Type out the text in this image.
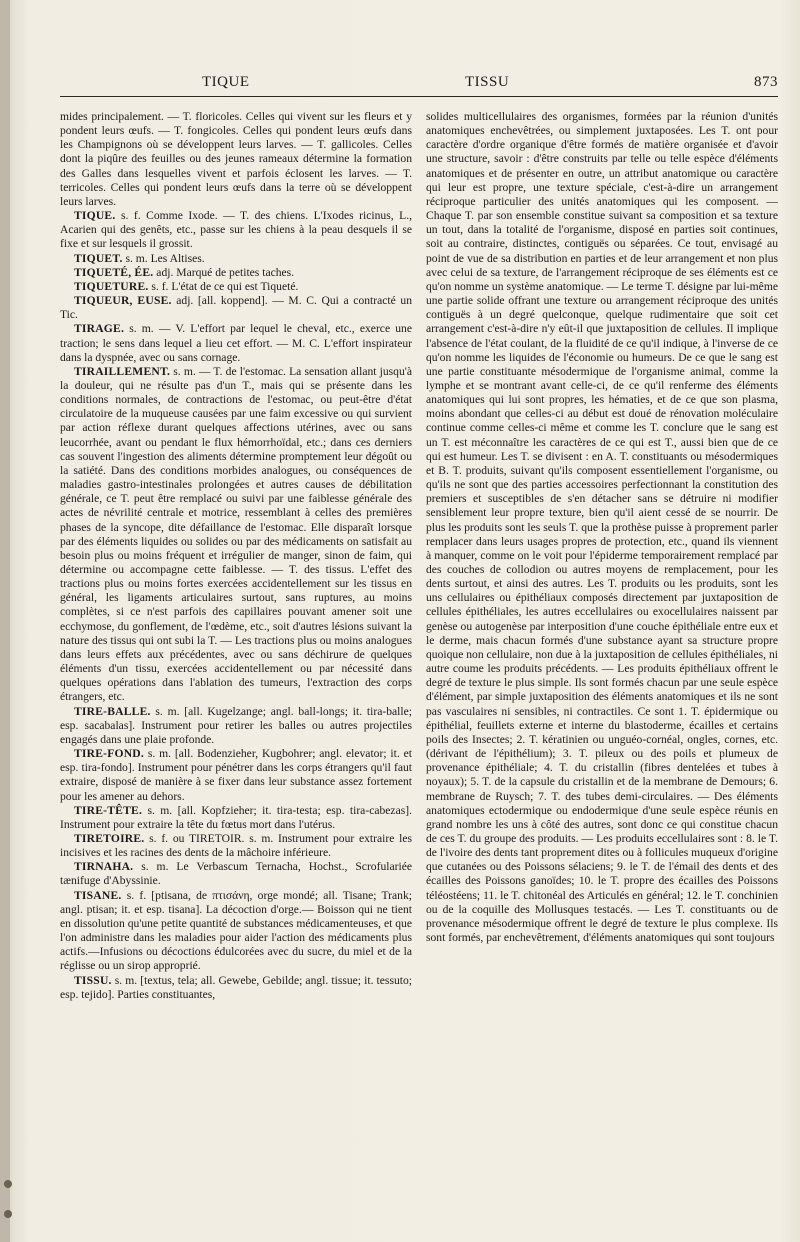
TIQUE	TISSU	873

mides principalement. — T. floricoles. Celles qui vivent sur les fleurs et y pondent leurs œufs. — T. fongicoles. Celles qui pondent leurs œufs dans les Champignons où se développent leurs larves. — T. gallicoles. Celles dont la piqûre des feuilles ou des jeunes rameaux détermine la formation des Galles dans lesquelles vivent et parfois éclosent les larves. — T. terricoles. Celles qui pondent leurs œufs dans la terre où se développent leurs larves.

TIQUE. s. f. Comme Ixode. — T. des chiens. L'Ixodes ricinus, L., Acarien qui des genêts, etc., passe sur les chiens à la peau desquels il se fixe et sur lesquels il grossit.

TIQUET. s. m. Les Altises.

TIQUETÉ, ÉE. adj. Marqué de petites taches.

TIQUETURE. s. f. L'état de ce qui est Tiqueté.

TIQUEUR, EUSE. adj. [all. koppend]. — M. C. Qui a contracté un Tic.

TIRAGE. s. m. — V. L'effort par lequel le cheval, etc., exerce une traction; le sens dans lequel a lieu cet effort. — M. C. L'effort inspirateur dans la dyspnée, avec ou sans cornage.

TIRAILLEMENT. s. m. — T. de l'estomac. La sensation allant jusqu'à la douleur, qui ne résulte pas d'un T., mais qui se présente dans les conditions normales, de contractions de l'estomac, ou peut-être d'état circulatoire de la muqueuse causées par une faim excessive ou qui survient par action réflexe durant quelques affections utérines, avec ou sans leucorrhée, avant ou pendant le flux hémorrhoïdal, etc.; dans ces derniers cas souvent l'ingestion des aliments détermine promptement leur dégoût ou la satiété. Dans des conditions morbides analogues, ou conséquences de maladies gastro-intestinales prolongées et autres causes de débilitation générale, ce T. peut être remplacé ou suivi par une faiblesse générale des actes de névrilité centrale et motrice, ressemblant à celles des premières phases de la syncope, dite défaillance de l'estomac. Elle disparaît lorsque par des éléments liquides ou solides ou par des médicaments on satisfait au besoin plus ou moins fréquent et irrégulier de manger, sinon de faim, qui détermine ou accompagne cette faiblesse. — T. des tissus. L'effet des tractions plus ou moins fortes exercées accidentellement sur les tissus en général, les ligaments articulaires surtout, sans ruptures, au moins complètes, si ce n'est parfois des capillaires pouvant amener soit une ecchymose, du gonflement, de l'œdème, etc., soit d'autres lésions suivant la nature des tissus qui ont subi la T. — Les tractions plus ou moins analogues dans leurs effets aux précédentes, avec ou sans déchirure de quelques éléments d'un tissu, exercées accidentellement ou par nécessité dans quelques opérations dans l'ablation des tumeurs, l'extraction des corps étrangers, etc.

TIRE-BALLE. s. m. [all. Kugelzange; angl. ball-longs; it. tira-balle; esp. sacabalas]. Instrument pour retirer les balles ou autres projectiles engagés dans une plaie profonde.

TIRE-FOND. s. m. [all. Bodenzieher, Kugbohrer; angl. elevator; it. et esp. tira-fondo]. Instrument pour pénétrer dans les corps étrangers qu'il faut extraire, disposé de manière à se fixer dans leur substance assez fortement pour les amener au dehors.

TIRE-TÊTE. s. m. [all. Kopfzieher; it. tira-testa; esp. tira-cabezas]. Instrument pour extraire la tête du fœtus mort dans l'utérus.

TIRETOIRE. s. f. ou TIRETOIR. s. m. Instrument pour extraire les incisives et les racines des dents de la mâchoire inférieure.

TIRNAHA. s. m. Le Verbascum Ternacha, Hochst., Scrofulariée tænifuge d'Abyssinie.

TISANE. s. f. [ptisana, de πτισάνη, orge mondé; all. Tisane; Trank; angl. ptisan; it. et esp. tisana]. La décoction d'orge.— Boisson qui ne tient en dissolution qu'une petite quantité de substances médicamenteuses, et que l'on administre dans les maladies pour aider l'action des médicaments plus actifs.—Infusions ou décoctions édulcorées avec du sucre, du miel et de la réglisse ou un sirop approprié.

TISSU. s. m. [textus, tela; all. Gewebe, Gebilde; angl. tissue; it. tessuto; esp. tejido]. Parties constituantes,

solides multicellulaires des organismes, formées par la réunion d'unités anatomiques enchevêtrées, ou simplement juxtaposées. Les T. ont pour caractère d'ordre organique d'être formés de matière organisée et d'avoir une structure, savoir : d'être construits par telle ou telle espèce d'éléments anatomiques et de présenter en outre, un attribut anatomique ou caractère qui leur est propre, une texture spéciale, c'est-à-dire un arrangement réciproque particulier des unités anatomiques qui les composent. — Chaque T. par son ensemble constitue suivant sa composition et sa texture un tout, dans la totalité de l'organisme, disposé en parties soit continues, soit au contraire, distinctes, contiguës ou séparées. Ce tout, envisagé au point de vue de sa distribution en parties et de leur arrangement et non plus avec celui de sa texture, de l'arrangement réciproque de ses éléments est ce qu'on nomme un système anatomique. — Le terme T. désigne par lui-même une partie solide offrant une texture ou arrangement réciproque des unités contiguës à un degré quelconque, quelque rudimentaire que soit cet arrangement c'est-à-dire n'y eût-il que juxtaposition de cellules. Il implique l'absence de l'état coulant, de la fluidité de ce qu'il indique, à l'inverse de ce qu'on nomme les liquides de l'économie ou humeurs. De ce que le sang est une partie constituante mésodermique de l'organisme animal, comme la lymphe et se montrant avant celle-ci, de ce qu'il renferme des éléments anatomiques qui lui sont propres, les hématies, et de ce que son plasma, moins abondant que celles-ci au début est doué de rénovation moléculaire continue comme celles-ci même et comme les T. conclure que le sang est un T. est méconnaître les caractères de ce qui est T., aussi bien que de ce qui est humeur. Les T. se divisent : en A. T. constituants ou mésodermiques et B. T. produits, suivant qu'ils composent essentiellement l'organisme, ou qu'ils ne sont que des parties accessoires perfectionnant la constitution des premiers et susceptibles de s'en détacher sans se détruire ni modifier sensiblement leur propre texture, bien qu'il aient cessé de se nourrir. De plus les produits sont les seuls T. que la prothèse puisse à proprement parler remplacer dans leurs usages propres de protection, etc., quand ils viennent à manquer, comme on le voit pour l'épiderme temporairement remplacé par des couches de collodion ou autres moyens de remplacement, pour les dents surtout, et ainsi des autres. Les T. produits ou les produits, sont les uns cellulaires ou épithéliaux composés directement par juxtaposition de cellules épithéliales, les autres eccellulaires ou exocellulaires naissent par genèse ou autogenèse par interposition d'une couche épithéliale entre eux et le derme, mais chacun formés d'une substance ayant sa structure propre quoique non cellulaire, non due à la juxtaposition de cellules épithéliales, ni autre coume les produits précédents. — Les produits épithéliaux offrent le degré de texture le plus simple. Ils sont formés chacun par une seule espèce d'élément, par simple juxtaposition des éléments anatomiques et ils ne sont pas vasculaires ni sensibles, ni contractiles. Ce sont 1. T. épidermique ou épithélial, feuillets externe et interne du blastoderme, écailles et certains poils des Insectes; 2. T. kératinien ou unguéo-cornéal, ongles, cornes, etc. (dérivant de l'épithélium); 3. T. pileux ou des poils et plumeux de provenance épithéliale; 4. T. du cristallin (fibres dentelées et tubes à noyaux); 5. T. de la capsule du cristallin et de la membrane de Demours; 6. membrane de Ruysch; 7. T. des tubes demi-circulaires. — Des éléments anatomiques ectodermique ou endodermique d'une seule espèce réunis en grand nombre les uns à côté des autres, sont donc ce qui constitue chacun de ces T. du groupe des produits. — Les produits eccellulaires sont : 8. le T. de l'ivoire des dents tant proprement dites ou à follicules muqueux d'origine que cutanées ou des Poissons sélaciens; 9. le T. de l'émail des dents et des écailles des Poissons ganoïdes; 10. le T. propre des écailles des Poissons téléostéens; 11. le T. chitonéal des Articulés en général; 12. le T. conchinien ou de la coquille des Mollusques testacés. — Les T. constituants ou de provenance mésodermique offrent le degré de texture le plus complexe. Ils sont formés, par enchevêtrement, d'éléments anatomiques qui sont toujours
